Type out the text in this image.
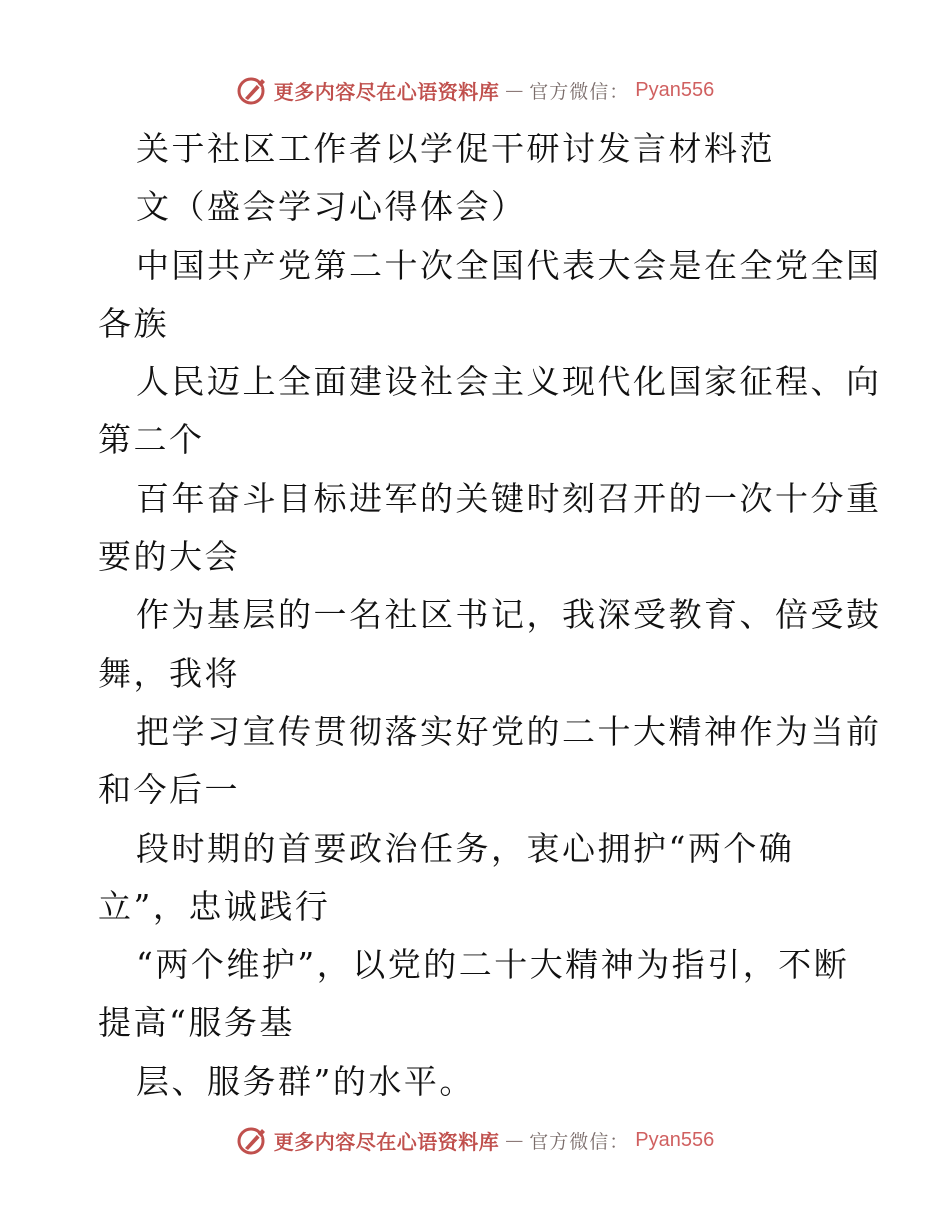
更多内容尽在心语资料库 — 官方微信： Pyan556
关于社区工作者以学促干研讨发言材料范
文（盛会学习心得体会）
中国共产党第二十次全国代表大会是在全党全国
各族
人民迈上全面建设社会主义现代化国家征程、向
第二个
百年奋斗目标进军的关键时刻召开的一次十分重
要的大会
作为基层的一名社区书记，我深受教育、倍受鼓
舞，我将
把学习宣传贯彻落实好党的二十大精神作为当前
和今后一
段时期的首要政治任务，衷心拥护“两个确
立”，忠诚践行
“两个维护”，以党的二十大精神为指引，不断
提高“服务基
层、服务群”的水平。
更多内容尽在心语资料库 — 官方微信： Pyan556
